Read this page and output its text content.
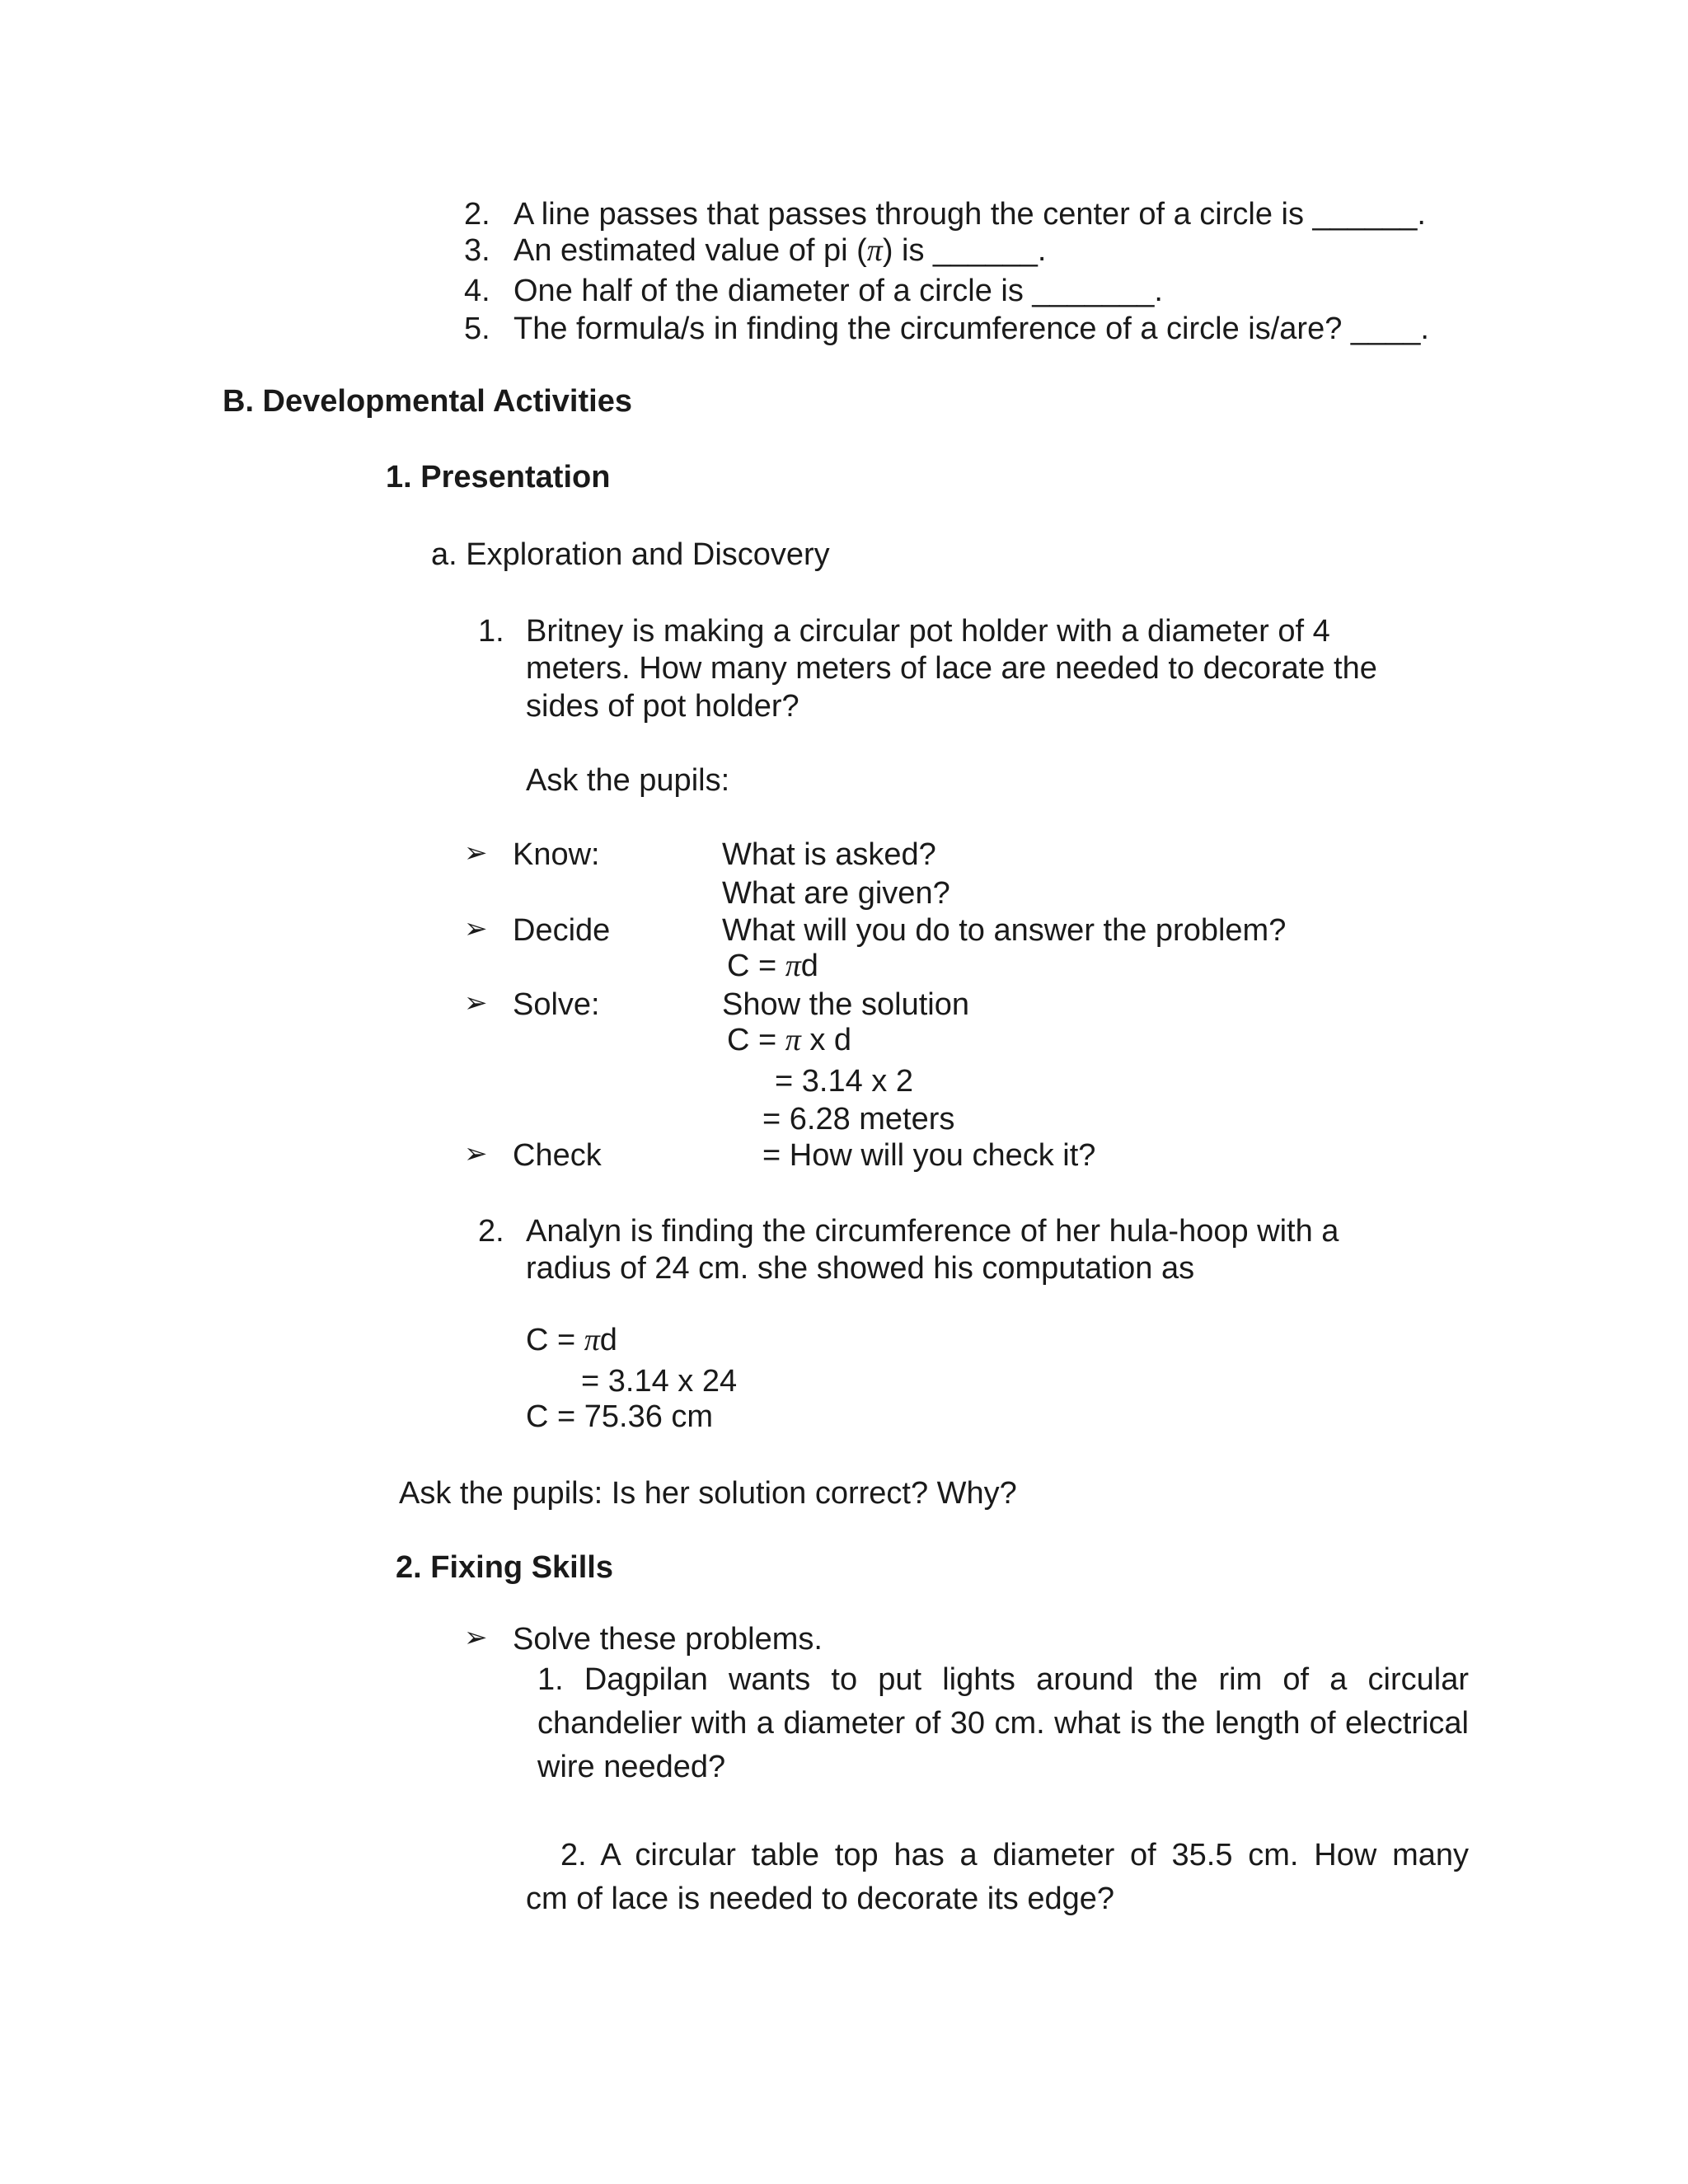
2. A line passes that passes through the center of a circle is ______.
3. An estimated value of pi (π) is ______.
4. One half of the diameter of a circle is _______.
5. The formula/s in finding the circumference of a circle is/are? ____.
B. Developmental Activities
1. Presentation
a. Exploration and Discovery
1. Britney is making a circular pot holder with a diameter of 4
meters. How many meters of lace are needed to decorate the
sides of pot holder?
Ask the pupils:
➢ Know:	What is asked?
What are given?
➢ Decide	What will you do to answer the problem?
C = πd
➢ Solve:	Show the solution
C = π x d
= 3.14 x 2
= 6.28 meters
➢ Check	= How will you check it?
2. Analyn is finding the circumference of her hula-hoop with a
radius of 24 cm. she showed his computation as
C = πd
= 3.14 x 24
C = 75.36 cm
Ask the pupils: Is her solution correct? Why?
2. Fixing Skills
➢ Solve these problems.
1. Dagpilan wants to put lights around the rim of a circular chandelier with a diameter of 30 cm. what is the length of electrical wire needed?
2. A circular table top has a diameter of 35.5 cm. How many
cm of lace is needed to decorate its edge?
